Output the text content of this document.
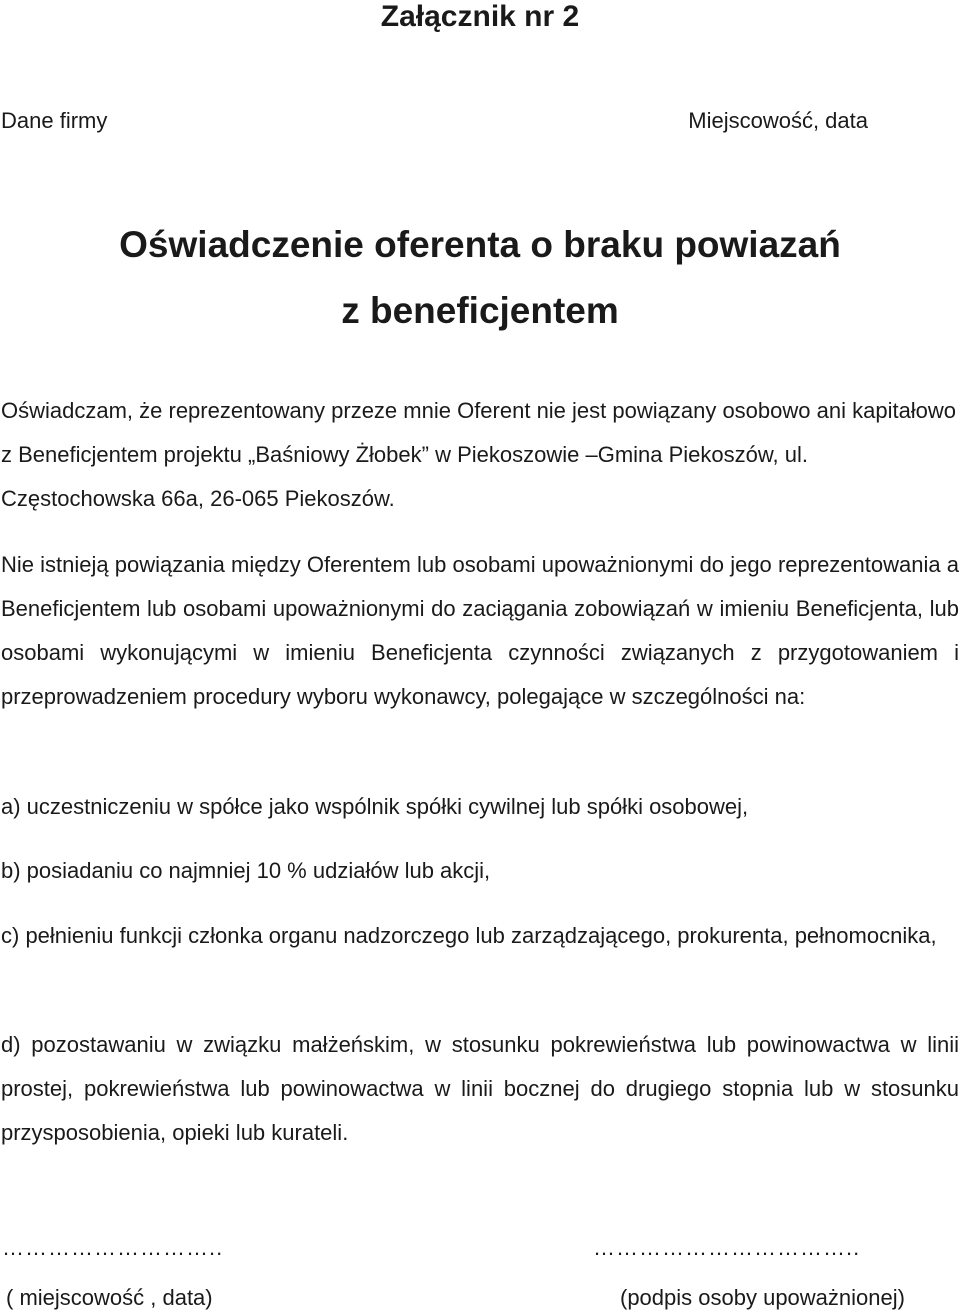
Załącznik nr 2
Dane firmy	Miejscowość, data
Oświadczenie oferenta o braku powiazań
z beneficjentem
Oświadczam, że reprezentowany przeze mnie Oferent nie jest powiązany osobowo ani kapitałowo z Beneficjentem projektu „Baśniowy Żłobek” w Piekoszowie –Gmina Piekoszów, ul. Częstochowska 66a, 26-065 Piekoszów.
Nie istnieją powiązania między Oferentem lub osobami upoważnionymi do jego reprezentowania a Beneficjentem lub osobami upoważnionymi do zaciągania zobowiązań w imieniu Beneficjenta, lub osobami wykonującymi w imieniu Beneficjenta czynności związanych z przygotowaniem i przeprowadzeniem procedury wyboru wykonawcy, polegające w szczególności na:
a) uczestniczeniu w spółce jako wspólnik spółki cywilnej lub spółki osobowej,
b) posiadaniu co najmniej 10 % udziałów lub akcji,
c) pełnieniu funkcji członka organu nadzorczego lub zarządzającego, prokurenta, pełnomocnika,
d) pozostawaniu w związku małżeńskim, w stosunku pokrewieństwa lub powinowactwa w linii prostej, pokrewieństwa lub powinowactwa w linii bocznej do drugiego stopnia lub w stosunku przysposobienia, opieki lub kurateli.
………………………..	……………………………..
( miejscowość , data)	(podpis osoby upoważnionej)
